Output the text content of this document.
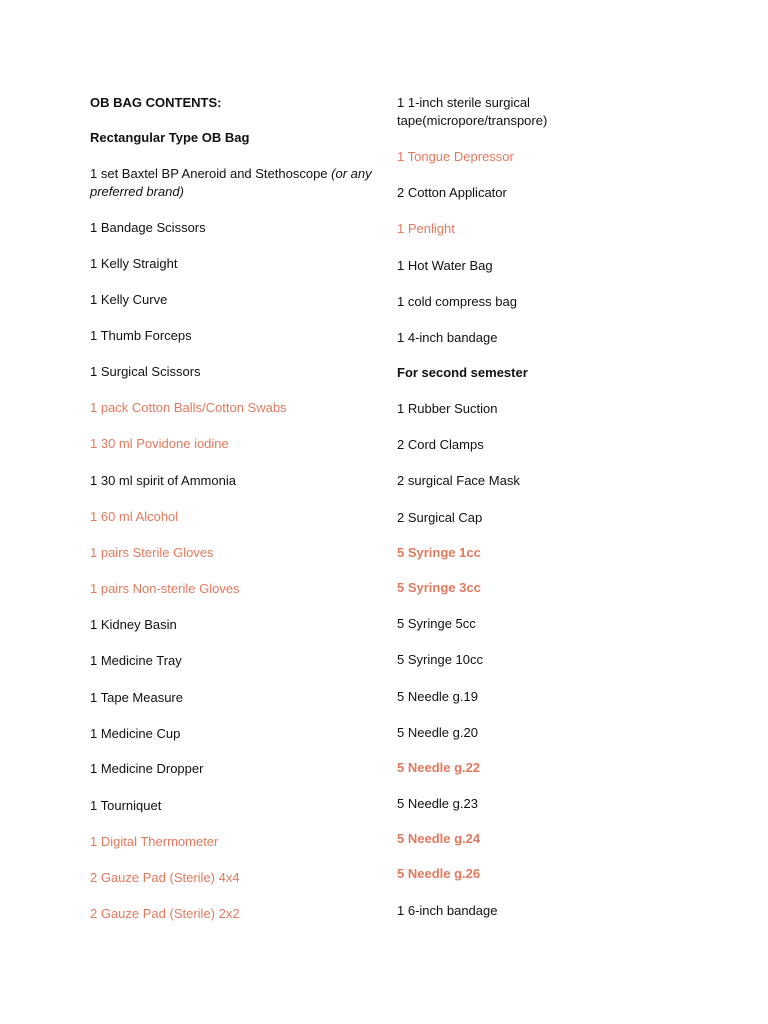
OB BAG CONTENTS:
Rectangular Type OB Bag
1 set Baxtel BP Aneroid and Stethoscope (or any preferred brand)
1 Bandage Scissors
1 Kelly Straight
1 Kelly Curve
1 Thumb Forceps
1 Surgical Scissors
1 pack Cotton Balls/Cotton Swabs
1 30 ml Povidone iodine
1 30 ml spirit of Ammonia
1 60 ml Alcohol
1 pairs Sterile Gloves
1 pairs Non-sterile Gloves
1 Kidney Basin
1 Medicine Tray
1 Tape Measure
1 Medicine Cup
1 Medicine Dropper
1 Tourniquet
1 Digital Thermometer
2 Gauze Pad (Sterile) 4x4
2 Gauze Pad (Sterile) 2x2
1 1-inch sterile surgical tape(micropore/transpore)
1 Tongue Depressor
2 Cotton Applicator
1 Penlight
1 Hot Water Bag
1 cold compress bag
1 4-inch bandage
For second semester
1 Rubber Suction
2 Cord Clamps
2 surgical Face Mask
2 Surgical Cap
5 Syringe 1cc
5 Syringe 3cc
5 Syringe 5cc
5 Syringe 10cc
5 Needle g.19
5 Needle g.20
5 Needle g.22
5 Needle g.23
5 Needle g.24
5 Needle g.26
1 6-inch bandage
